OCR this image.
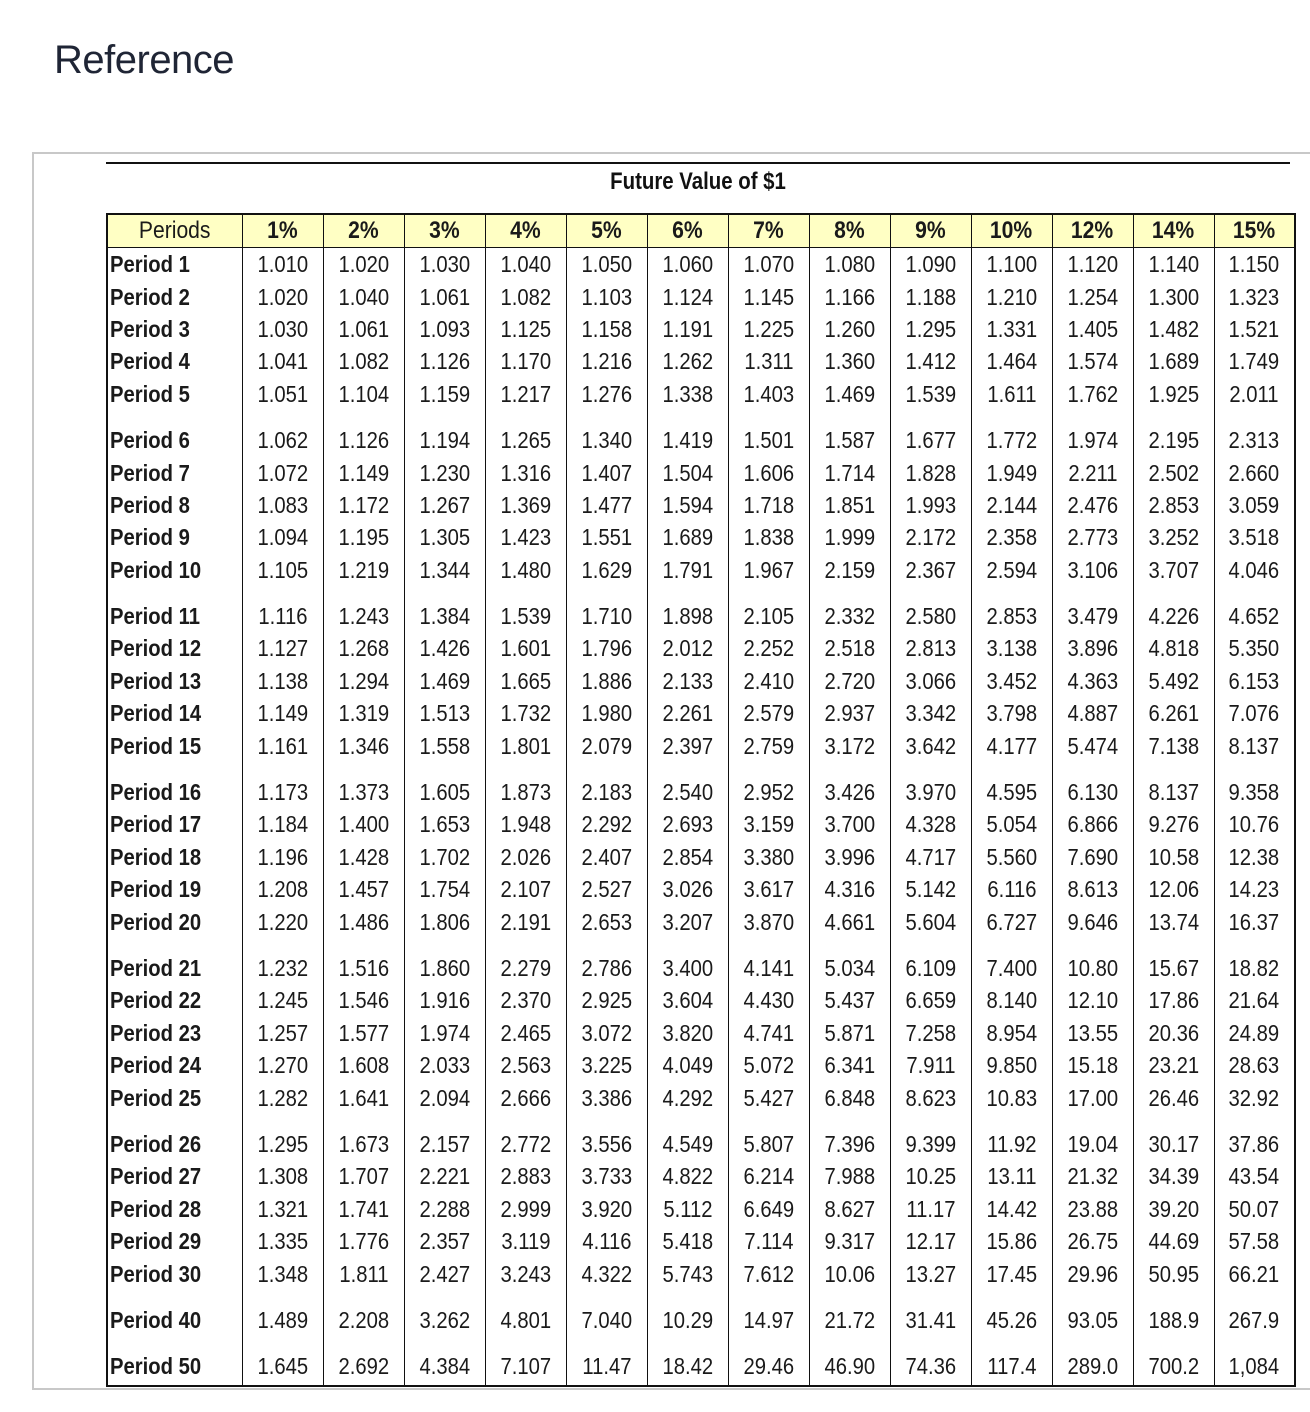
Reference
Future Value of $1
Periods	1%	2%	3%	4%	5%	6%	7%	8%	9%	10%	12%	14%	15%
Period 1	1.010	1.020	1.030	1.040	1.050	1.060	1.070	1.080	1.090	1.100	1.120	1.140	1.150
Period 2	1.020	1.040	1.061	1.082	1.103	1.124	1.145	1.166	1.188	1.210	1.254	1.300	1.323
Period 3	1.030	1.061	1.093	1.125	1.158	1.191	1.225	1.260	1.295	1.331	1.405	1.482	1.521
Period 4	1.041	1.082	1.126	1.170	1.216	1.262	1.311	1.360	1.412	1.464	1.574	1.689	1.749
Period 5	1.051	1.104	1.159	1.217	1.276	1.338	1.403	1.469	1.539	1.611	1.762	1.925	2.011
Period 6	1.062	1.126	1.194	1.265	1.340	1.419	1.501	1.587	1.677	1.772	1.974	2.195	2.313
Period 7	1.072	1.149	1.230	1.316	1.407	1.504	1.606	1.714	1.828	1.949	2.211	2.502	2.660
Period 8	1.083	1.172	1.267	1.369	1.477	1.594	1.718	1.851	1.993	2.144	2.476	2.853	3.059
Period 9	1.094	1.195	1.305	1.423	1.551	1.689	1.838	1.999	2.172	2.358	2.773	3.252	3.518
Period 10	1.105	1.219	1.344	1.480	1.629	1.791	1.967	2.159	2.367	2.594	3.106	3.707	4.046
Period 11	1.116	1.243	1.384	1.539	1.710	1.898	2.105	2.332	2.580	2.853	3.479	4.226	4.652
Period 12	1.127	1.268	1.426	1.601	1.796	2.012	2.252	2.518	2.813	3.138	3.896	4.818	5.350
Period 13	1.138	1.294	1.469	1.665	1.886	2.133	2.410	2.720	3.066	3.452	4.363	5.492	6.153
Period 14	1.149	1.319	1.513	1.732	1.980	2.261	2.579	2.937	3.342	3.798	4.887	6.261	7.076
Period 15	1.161	1.346	1.558	1.801	2.079	2.397	2.759	3.172	3.642	4.177	5.474	7.138	8.137
Period 16	1.173	1.373	1.605	1.873	2.183	2.540	2.952	3.426	3.970	4.595	6.130	8.137	9.358
Period 17	1.184	1.400	1.653	1.948	2.292	2.693	3.159	3.700	4.328	5.054	6.866	9.276	10.76
Period 18	1.196	1.428	1.702	2.026	2.407	2.854	3.380	3.996	4.717	5.560	7.690	10.58	12.38
Period 19	1.208	1.457	1.754	2.107	2.527	3.026	3.617	4.316	5.142	6.116	8.613	12.06	14.23
Period 20	1.220	1.486	1.806	2.191	2.653	3.207	3.870	4.661	5.604	6.727	9.646	13.74	16.37
Period 21	1.232	1.516	1.860	2.279	2.786	3.400	4.141	5.034	6.109	7.400	10.80	15.67	18.82
Period 22	1.245	1.546	1.916	2.370	2.925	3.604	4.430	5.437	6.659	8.140	12.10	17.86	21.64
Period 23	1.257	1.577	1.974	2.465	3.072	3.820	4.741	5.871	7.258	8.954	13.55	20.36	24.89
Period 24	1.270	1.608	2.033	2.563	3.225	4.049	5.072	6.341	7.911	9.850	15.18	23.21	28.63
Period 25	1.282	1.641	2.094	2.666	3.386	4.292	5.427	6.848	8.623	10.83	17.00	26.46	32.92
Period 26	1.295	1.673	2.157	2.772	3.556	4.549	5.807	7.396	9.399	11.92	19.04	30.17	37.86
Period 27	1.308	1.707	2.221	2.883	3.733	4.822	6.214	7.988	10.25	13.11	21.32	34.39	43.54
Period 28	1.321	1.741	2.288	2.999	3.920	5.112	6.649	8.627	11.17	14.42	23.88	39.20	50.07
Period 29	1.335	1.776	2.357	3.119	4.116	5.418	7.114	9.317	12.17	15.86	26.75	44.69	57.58
Period 30	1.348	1.811	2.427	3.243	4.322	5.743	7.612	10.06	13.27	17.45	29.96	50.95	66.21
Period 40	1.489	2.208	3.262	4.801	7.040	10.29	14.97	21.72	31.41	45.26	93.05	188.9	267.9
Period 50	1.645	2.692	4.384	7.107	11.47	18.42	29.46	46.90	74.36	117.4	289.0	700.2	1,084
